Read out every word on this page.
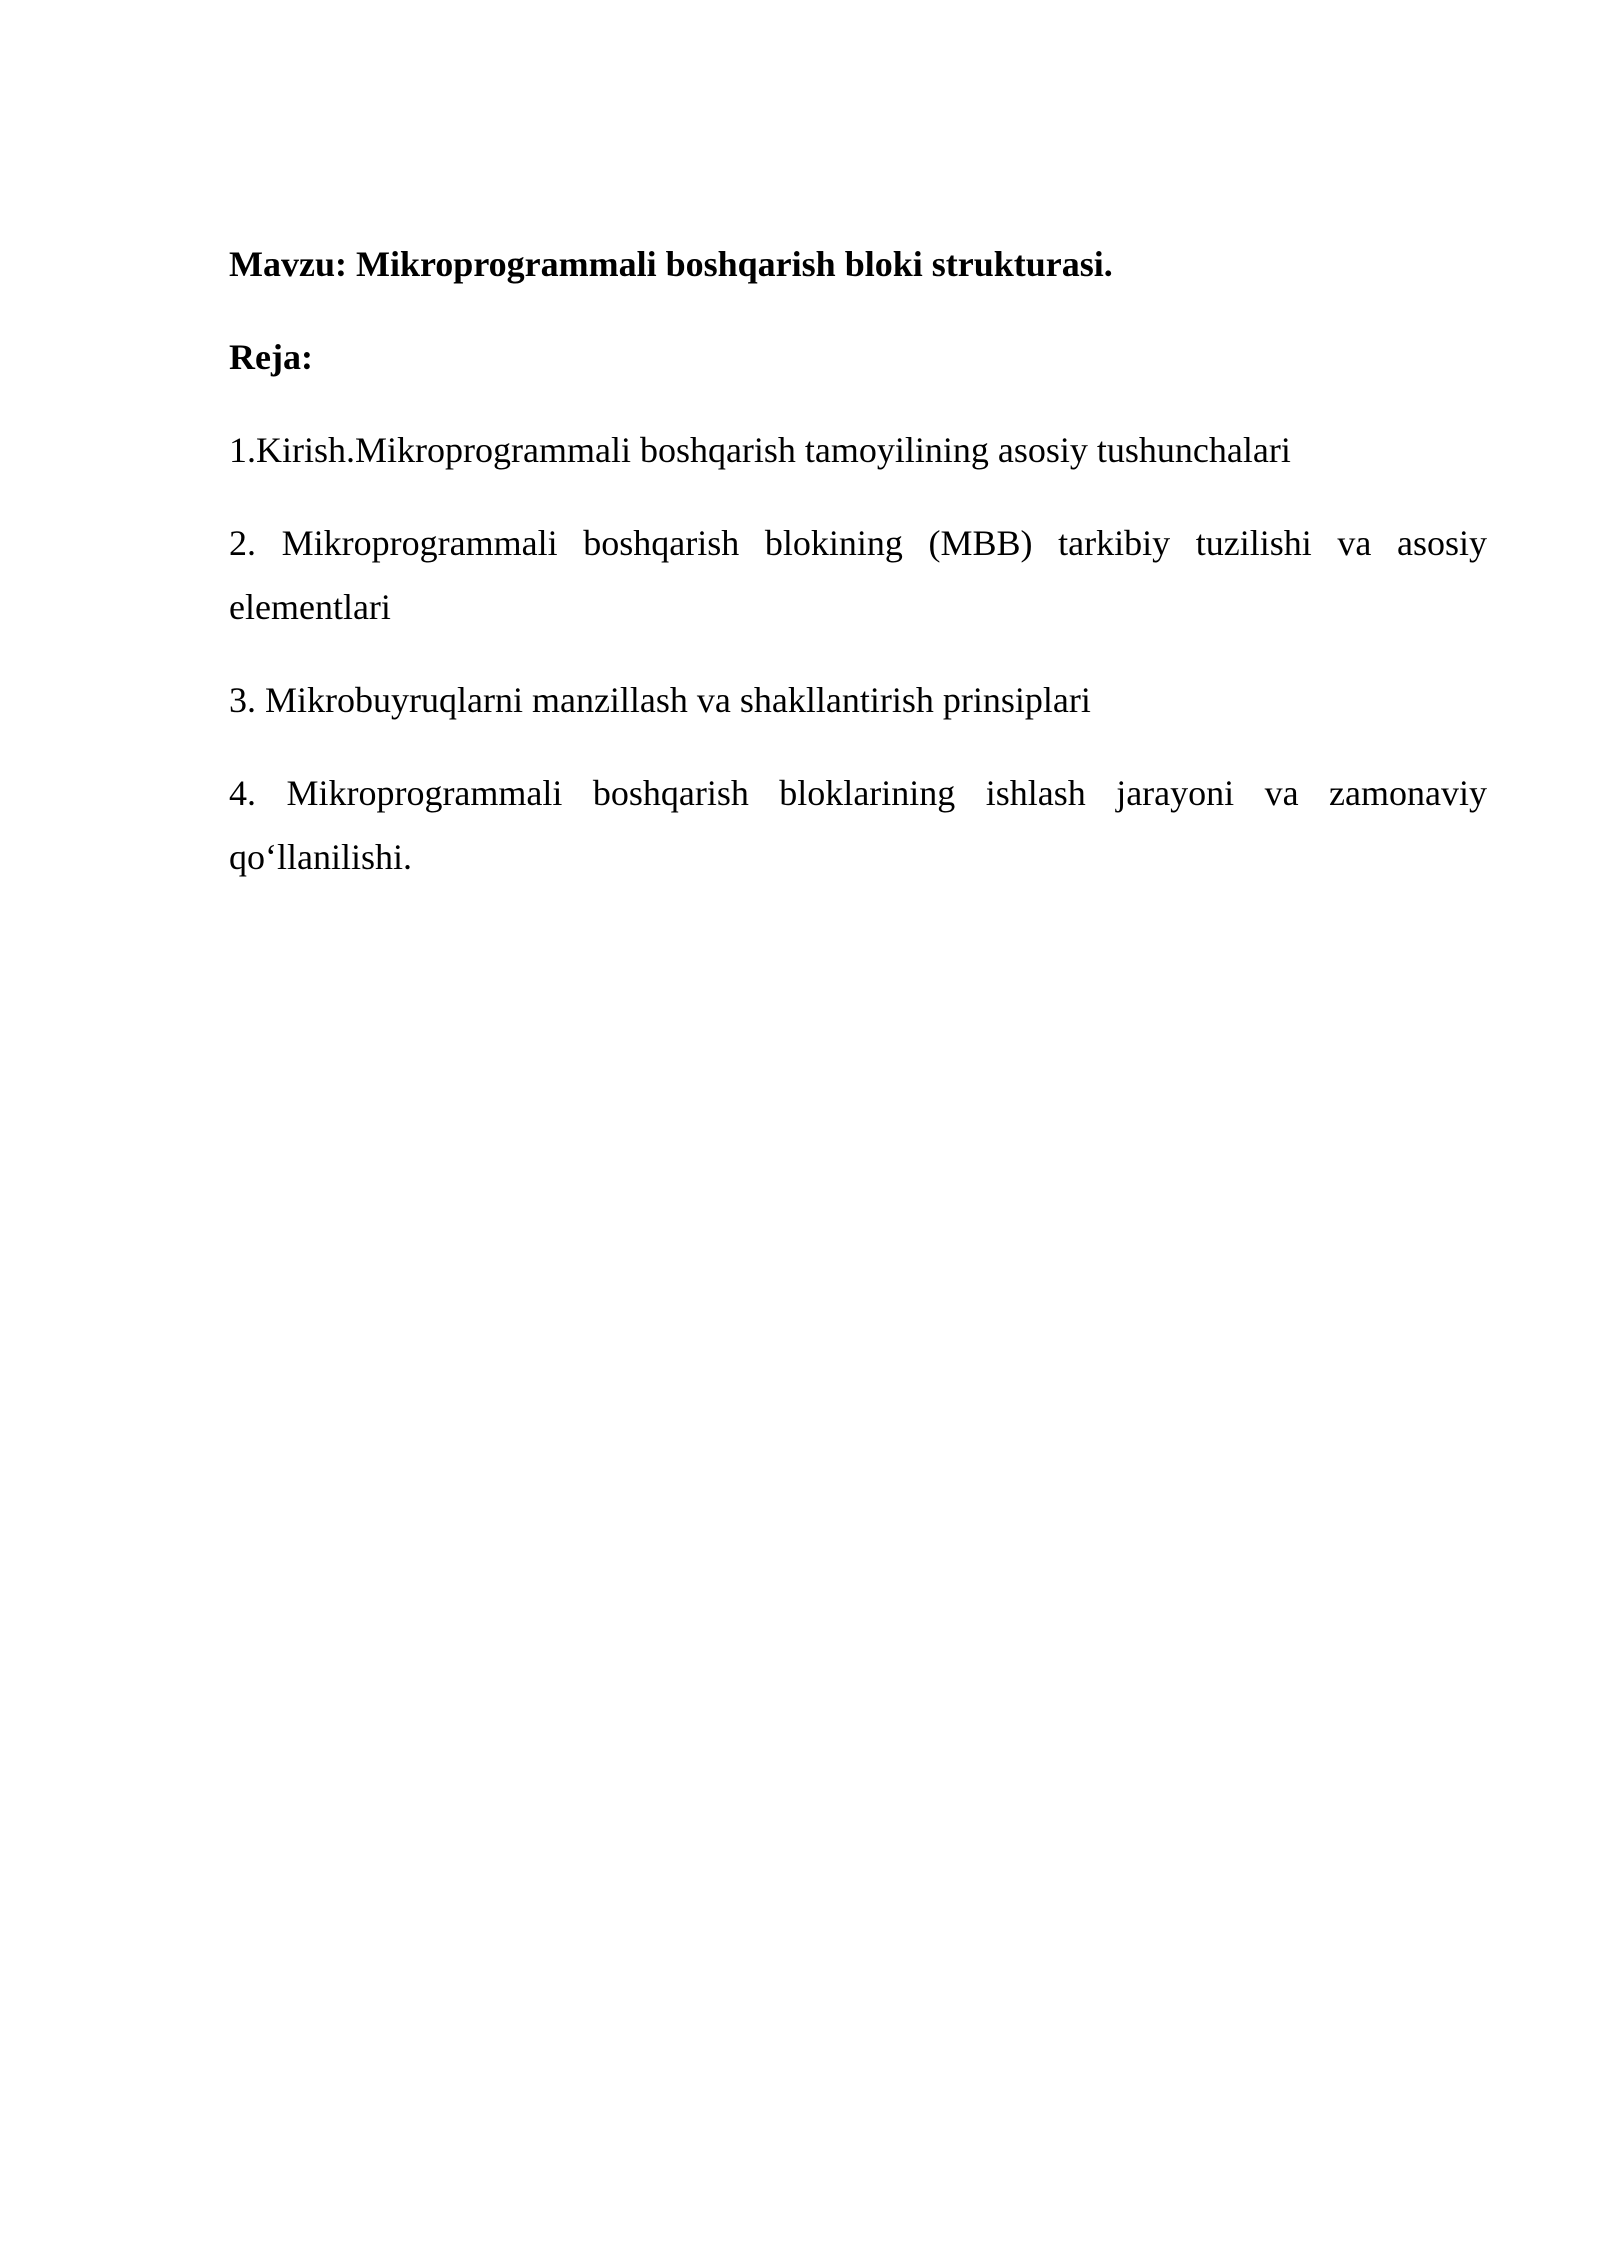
Mavzu: Mikroprogrammali boshqarish bloki strukturasi.

Reja:

1.Kirish.Mikroprogrammali boshqarish tamoyilining asosiy tushunchalari

2. Mikroprogrammali boshqarish blokining (MBB) tarkibiy tuzilishi va asosiy elementlari

3. Mikrobuyruqlarni manzillash va shakllantirish prinsiplari

4. Mikroprogrammali boshqarish bloklarining ishlash jarayoni va zamonaviy qo‘llanilishi.
